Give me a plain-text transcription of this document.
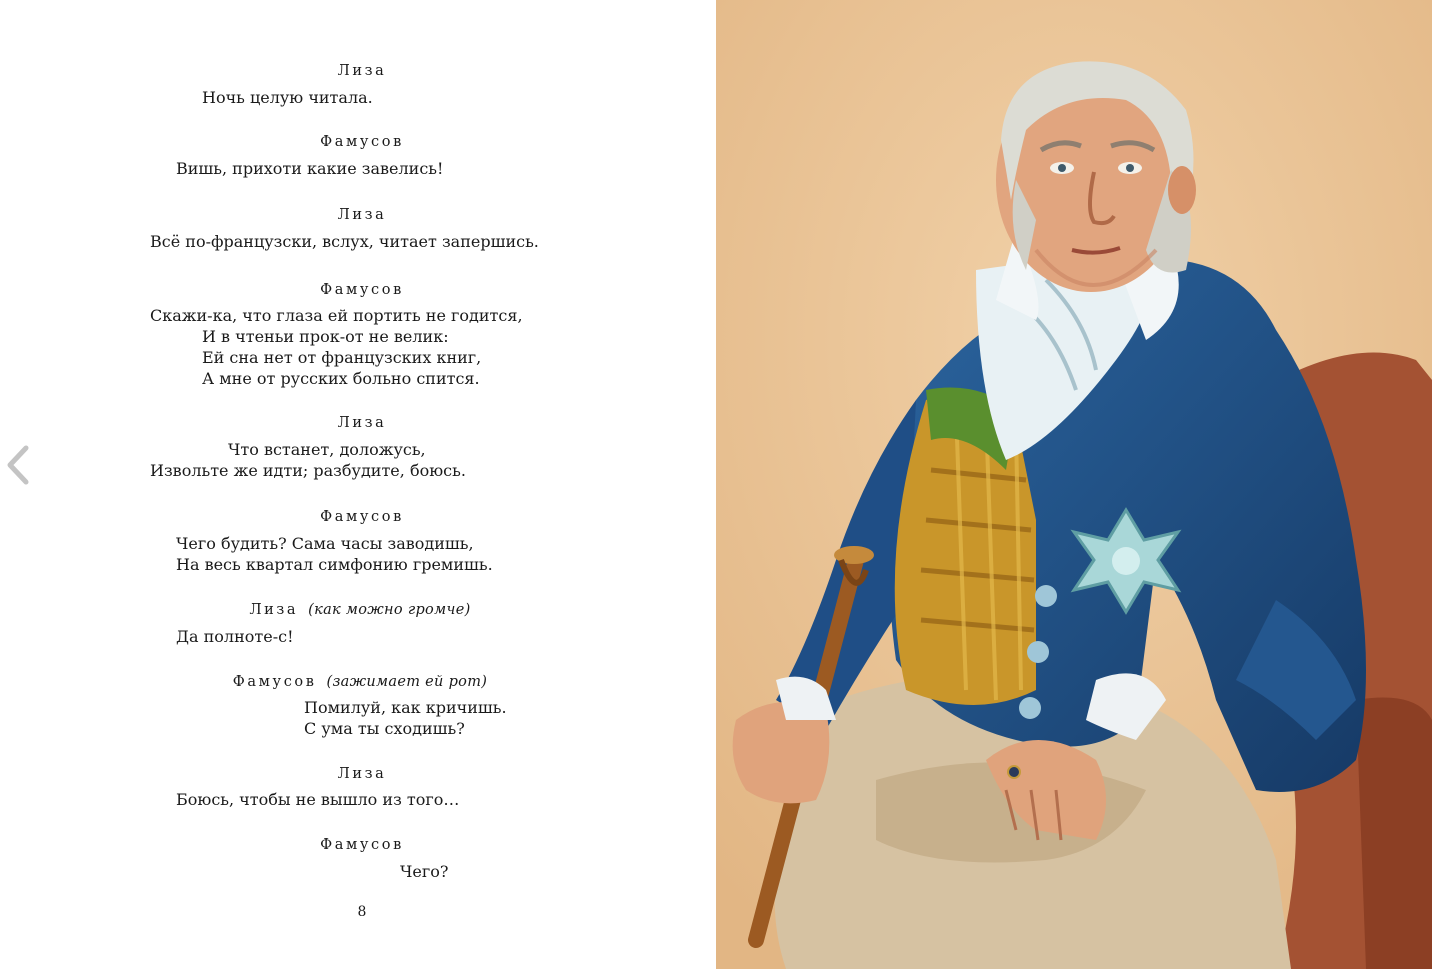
Лиза
Ночь целую читала.
Фамусов
Вишь, прихоти какие завелись!
Лиза
Всё по-французски, вслух, читает запершись.
Фамусов
Скажи-ка, что глаза ей портить не годится,
И в чтеньи прок-от не велик:
Ей сна нет от французских книг,
А мне от русских больно спится.
Лиза
Что встанет, доложусь,
Извольте же идти; разбудите, боюсь.
Фамусов
Чего будить? Сама часы заводишь,
На весь квартал симфонию гремишь.
Лиза (как можно громче)
Да полноте-с!
Фамусов (зажимает ей рот)
Помилуй, как кричишь.
С ума ты сходишь?
Лиза
Боюсь, чтобы не вышло из того…
Фамусов
Чего?
8
